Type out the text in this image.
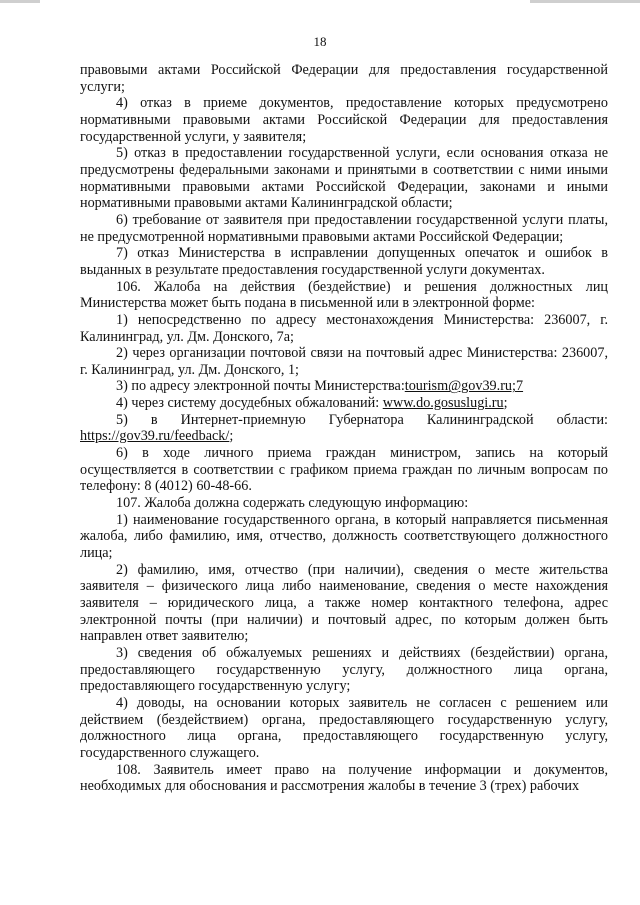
18

правовыми актами Российской Федерации для предоставления государственной услуги;

4) отказ в приеме документов, предоставление которых предусмотрено нормативными правовыми актами Российской Федерации для предоставления государственной услуги, у заявителя;

5) отказ в предоставлении государственной услуги, если основания отказа не предусмотрены федеральными законами и принятыми в соответствии с ними иными нормативными правовыми актами Российской Федерации, законами и иными нормативными правовыми актами Калининградской области;

6) требование от заявителя при предоставлении государственной услуги платы, не предусмотренной нормативными правовыми актами Российской Федерации;

7) отказ Министерства в исправлении допущенных опечаток и ошибок в выданных в результате предоставления государственной услуги документах.

106. Жалоба на действия (бездействие) и решения должностных лиц Министерства может быть подана в письменной или в электронной форме:

1) непосредственно по адресу местонахождения Министерства: 236007, г. Калининград, ул. Дм. Донского, 7а;

2) через организации почтовой связи на почтовый адрес Министерства: 236007, г. Калининград, ул. Дм. Донского, 1;

3) по адресу электронной почты Министерства:tourism@gov39.ru;7

4) через систему досудебных обжалований: www.do.gosuslugi.ru;

5) в Интернет-приемную Губернатора Калининградской области: https://gov39.ru/feedback/;

6) в ходе личного приема граждан министром, запись на который осуществляется в соответствии с графиком приема граждан по личным вопросам по телефону: 8 (4012) 60-48-66.

107. Жалоба должна содержать следующую информацию:

1) наименование государственного органа, в который направляется письменная жалоба, либо фамилию, имя, отчество, должность соответствующего должностного лица;

2) фамилию, имя, отчество (при наличии), сведения о месте жительства заявителя – физического лица либо наименование, сведения о месте нахождения заявителя – юридического лица, а также номер контактного телефона, адрес электронной почты (при наличии) и почтовый адрес, по которым должен быть направлен ответ заявителю;

3) сведения об обжалуемых решениях и действиях (бездействии) органа, предоставляющего государственную услугу, должностного лица органа, предоставляющего государственную услугу;

4) доводы, на основании которых заявитель не согласен с решением или действием (бездействием) органа, предоставляющего государственную услугу, должностного лица органа, предоставляющего государственную услугу, государственного служащего.

108. Заявитель имеет право на получение информации и документов, необходимых для обоснования и рассмотрения жалобы в течение 3 (трех) рабочих
